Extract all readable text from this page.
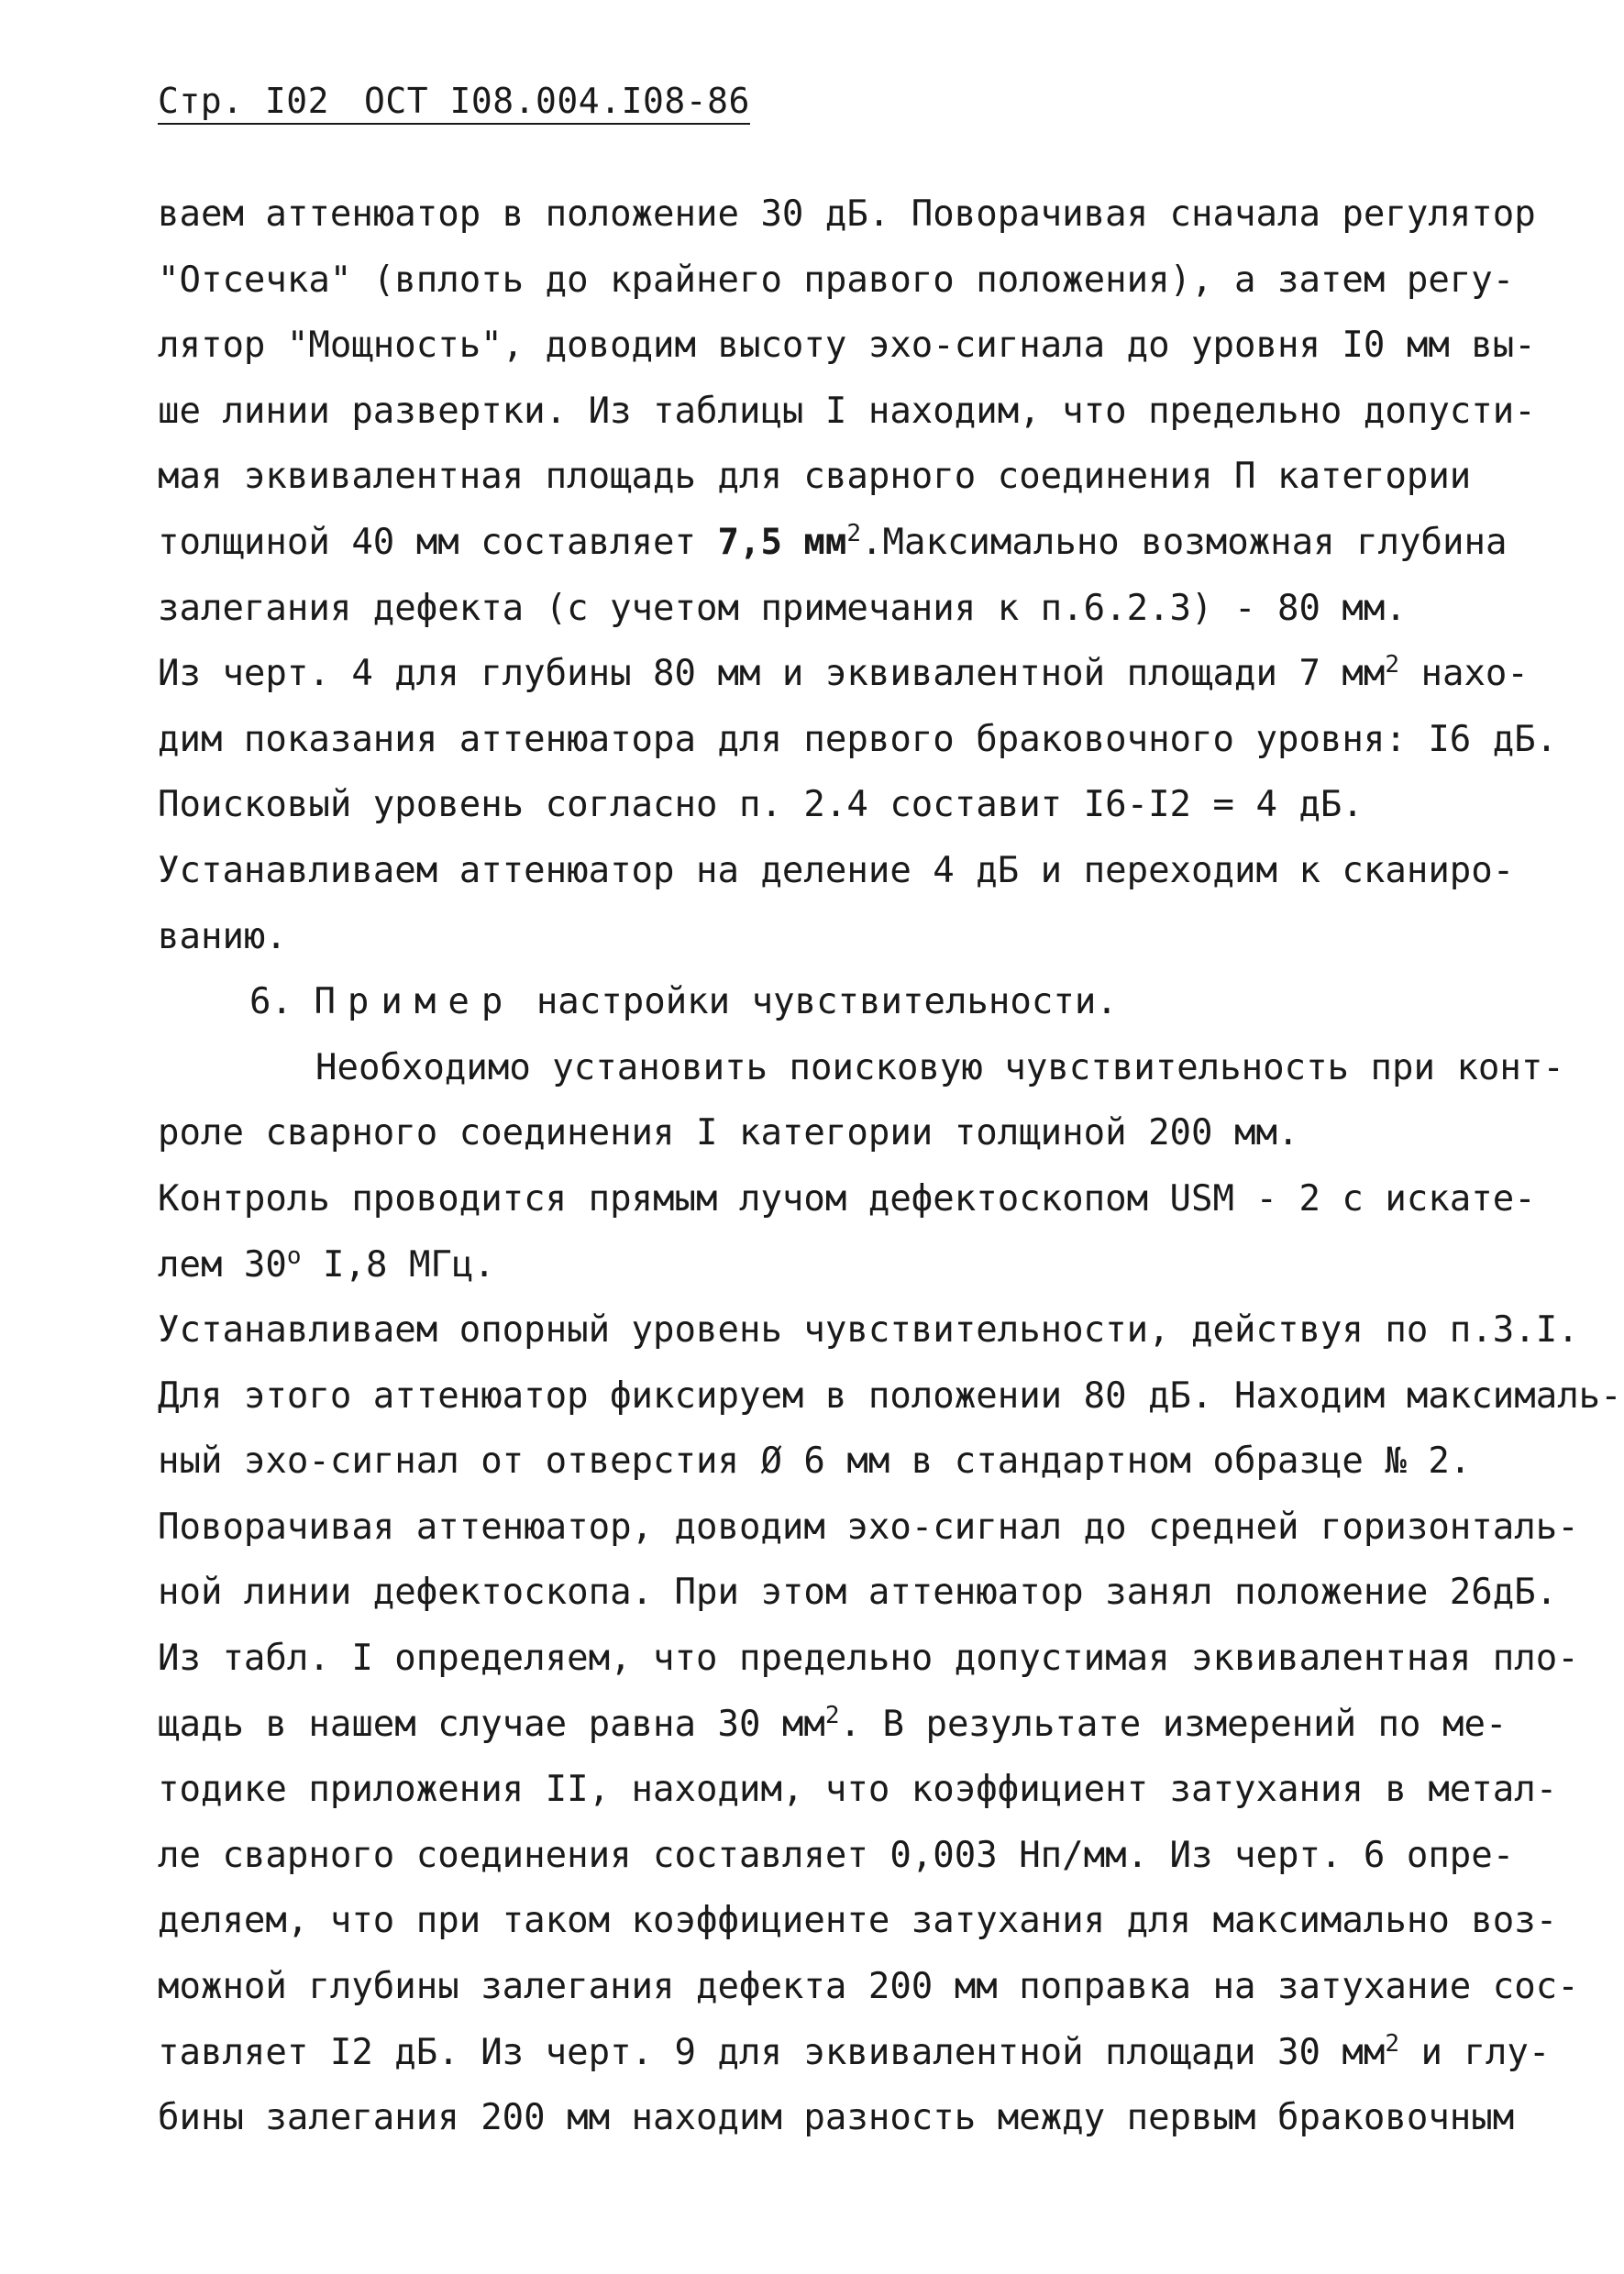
Стр. I02 ОСТ I08.004.I08-86
ваем аттенюатор в положение 30 дБ. Поворачивая сначала регулятор
"Отсечка" (вплоть до крайнего правого положения), а затем регу-
лятор "Мощность", доводим высоту эхо-сигнала до уровня I0 мм вы-
ше линии развертки. Из таблицы I находим, что предельно допусти-
мая эквивалентная площадь для сварного соединения П категории
толщиной 40 мм составляет 7,5 $мм^2.Максимально$ возможная глубина
залегания дефекта (с учетом примечания к п.6.2.3) - 80 мм.
Из черт. 4 для глубины 80 мм и эквивалентной площади 7 $мм^2$ нахо-
дим показания аттенюатора для первого браковочного уровня: I6 дБ.
Поисковый уровень согласно п. 2.4 составит I6-I2 = 4 дБ.
Устанавливаем аттенюатор на деление 4 дБ и переходим к сканиро-
ванию.
6. Пример настройки чувствительности.
Необходимо установить поисковую чувствительность при конт-
роле сварного соединения I категории толщиной 200 мм.
Контроль проводится прямым лучом дефектоскопом USM - 2 с искате-
лем 30$^o$ I,8 МГц.
Устанавливаем опорный уровень чувствительности, действуя по п.3.I.
Для этого аттенюатор фиксируем в положении 80 дБ. Находим максималь-
ный эхо-сигнал от отверстия Ø 6 мм в стандартном образце № 2.
Поворачивая аттенюатор, доводим эхо-сигнал до средней горизонталь-
ной линии дефектоскопа. При этом аттенюатор занял положение 26дБ.
Из табл. I определяем, что предельно допустимая эквивалентная пло-
щадь в нашем случае равна 30 $мм^2$. В результате измерений по ме-
тодике приложения II, находим, что коэффициент затухания в метал-
ле сварного соединения составляет 0,003 Нп/мм. Из черт. 6 опре-
деляем, что при таком коэффициенте затухания для максимально воз-
можной глубины залегания дефекта 200 мм поправка на затухание сос-
тавляет I2 дБ. Из черт. 9 для эквивалентной площади 30 $мм^2$ и глу-
бины залегания 200 мм находим разность между первым браковочным
